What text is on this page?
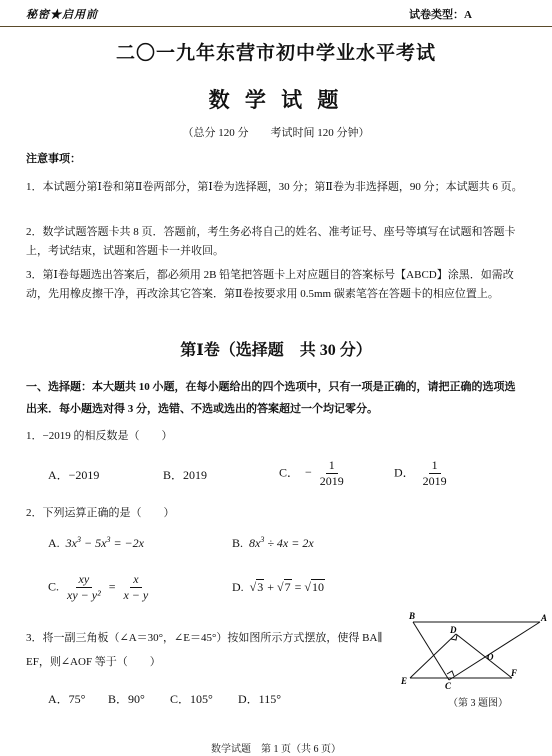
秘密★启用前	试卷类型：A
二〇一九年东营市初中学业水平考试
数 学 试 题
（总分 120 分　　考试时间 120 分钟）
注意事项：
1．本试题分第Ⅰ卷和第Ⅱ卷两部分，第Ⅰ卷为选择题，30 分；第Ⅱ卷为非选择题，90 分；本试题共 6 页。
2．数学试题答题卡共 8 页．答题前，考生务必将自己的姓名、准考证号、座号等填写在试题和答题卡上，考试结束，试题和答题卡一并收回。
3．第Ⅰ卷每题选出答案后，都必须用 2B 铅笔把答题卡上对应题目的答案标号【ABCD】涂黑．如需改动，先用橡皮擦干净，再改涂其它答案．第Ⅱ卷按要求用 0.5mm 碳素笔答在答题卡的相应位置上。
第Ⅰ卷（选择题　共 30 分）
一、选择题：本大题共 10 小题，在每小题给出的四个选项中，只有一项是正确的，请把正确的选项选出来．每小题选对得 3 分，选错、不选或选出的答案超过一个均记零分。
1．−2019 的相反数是（　　）
A．−2019	B．2019	C． − $\frac{1}{2019}$	D． $\frac{1}{2019}$
2．下列运算正确的是（　　）
A.  $3x^3 - 5x^3 = -2x$	B.  $8x^3 \div 4x = 2x$
C. $\frac{xy}{\text{xy − y²}} = \frac{x}{x - y}$	D.  √3 + √7 = √10
3．将一副三角板（∠A＝30°，∠E＝45°）按如图所示方式摆放，使得 BA∥
EF，则∠AOF 等于（　　）
A．75° B．90° C．105° D．115°
B	A
D
O
E
F
C
（第 3 题图）
数学试题　第 1 页（共 6 页）
